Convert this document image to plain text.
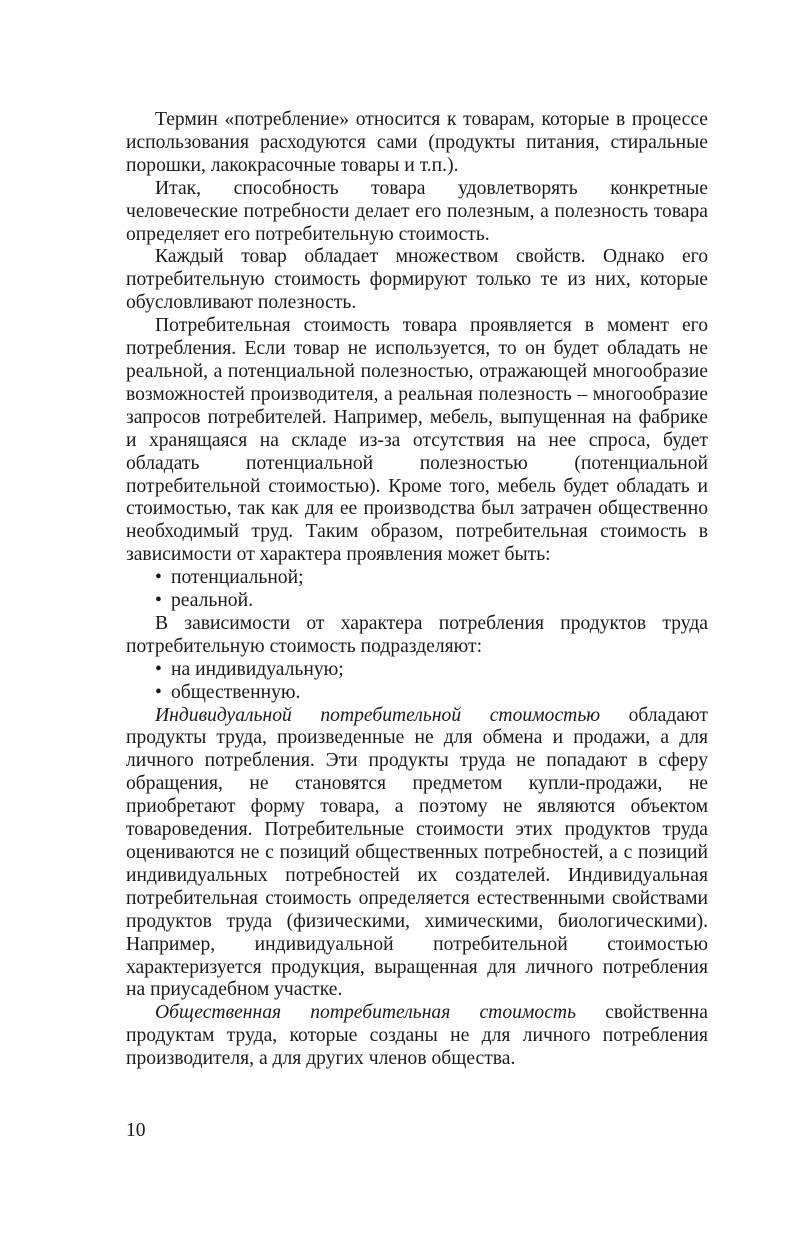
Термин «потребление» относится к товарам, которые в процессе использования расходуются сами (продукты питания, стиральные порошки, лакокрасочные товары и т.п.).

Итак, способность товара удовлетворять конкретные человеческие потребности делает его полезным, а полезность товара определяет его потребительную стоимость.

Каждый товар обладает множеством свойств. Однако его потребительную стоимость формируют только те из них, которые обусловливают полезность.

Потребительная стоимость товара проявляется в момент его потребления. Если товар не используется, то он будет обладать не реальной, а потенциальной полезностью, отражающей многообразие возможностей производителя, а реальная полезность – многообразие запросов потребителей. Например, мебель, выпущенная на фабрике и хранящаяся на складе из-за отсутствия на нее спроса, будет обладать потенциальной полезностью (потенциальной потребительной стоимостью). Кроме того, мебель будет обладать и стоимостью, так как для ее производства был затрачен общественно необходимый труд. Таким образом, потребительная стоимость в зависимости от характера проявления может быть:

• потенциальной;

• реальной.

В зависимости от характера потребления продуктов труда потребительную стоимость подразделяют:

• на индивидуальную;

• общественную.

Индивидуальной потребительной стоимостью обладают продукты труда, произведенные не для обмена и продажи, а для личного потребления. Эти продукты труда не попадают в сферу обращения, не становятся предметом купли-продажи, не приобретают форму товара, а поэтому не являются объектом товароведения. Потребительные стоимости этих продуктов труда оцениваются не с позиций общественных потребностей, а с позиций индивидуальных потребностей их создателей. Индивидуальная потребительная стоимость определяется естественными свойствами продуктов труда (физическими, химическими, биологическими). Например, индивидуальной потребительной стоимостью характеризуется продукция, выращенная для личного потребления на приусадебном участке.

Общественная потребительная стоимость свойственна продуктам труда, которые созданы не для личного потребления производителя, а для других членов общества.

10
